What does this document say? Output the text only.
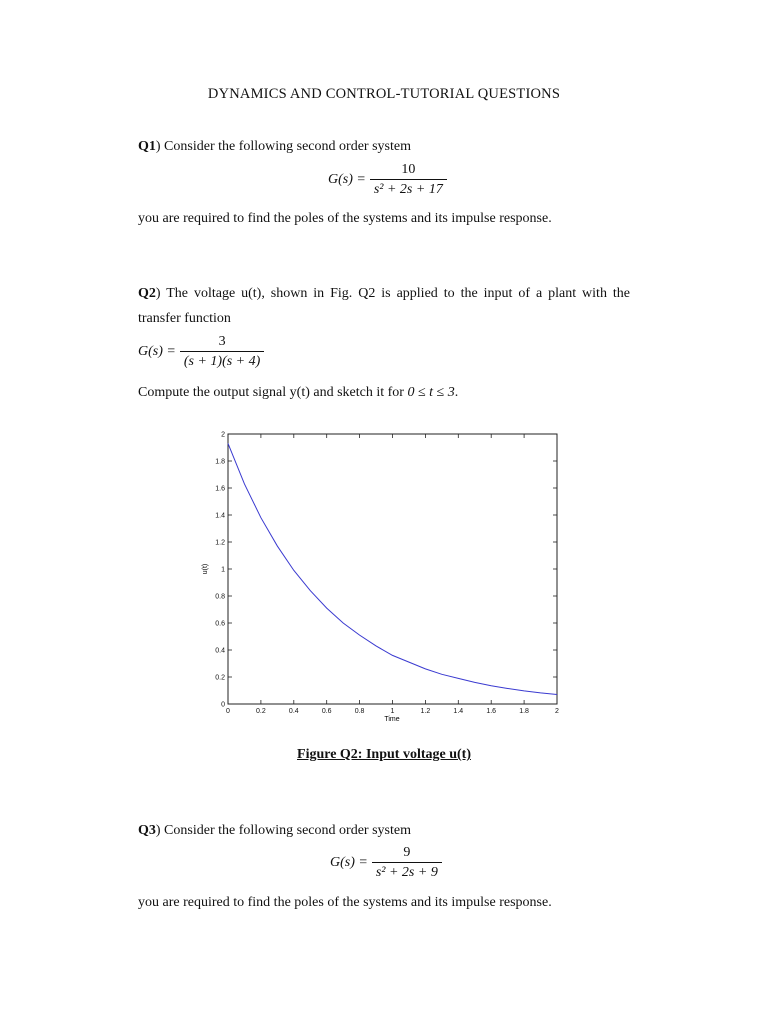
DYNAMICS AND CONTROL-TUTORIAL QUESTIONS
Q1) Consider the following second order system
$G(s) = \frac{10}{\text{s² + 2s + 17}}$
you are required to find the poles of the systems and its impulse response.
Q2) The voltage u(t), shown in Fig. Q2 is applied to the input of a plant with the
transfer function
$G(s) = \frac{3}{(s + 1)(s + 4)}$
Compute the output signal y(t) and sketch it for 0 ≤ t ≤ 3.
0	0.2	0.4	0.6	0.8	1	1.2	1.4	1.6	1.8	2
0
0.2
0.4
0.6
0.8
1
1.2
1.4
1.6
1.8
2
Time
u(t)
Figure Q2: Input voltage u(t)
Q3) Consider the following second order system
$G(s) = \frac{9}{\text{s² + 2s + 9}}$
you are required to find the poles of the systems and its impulse response.
